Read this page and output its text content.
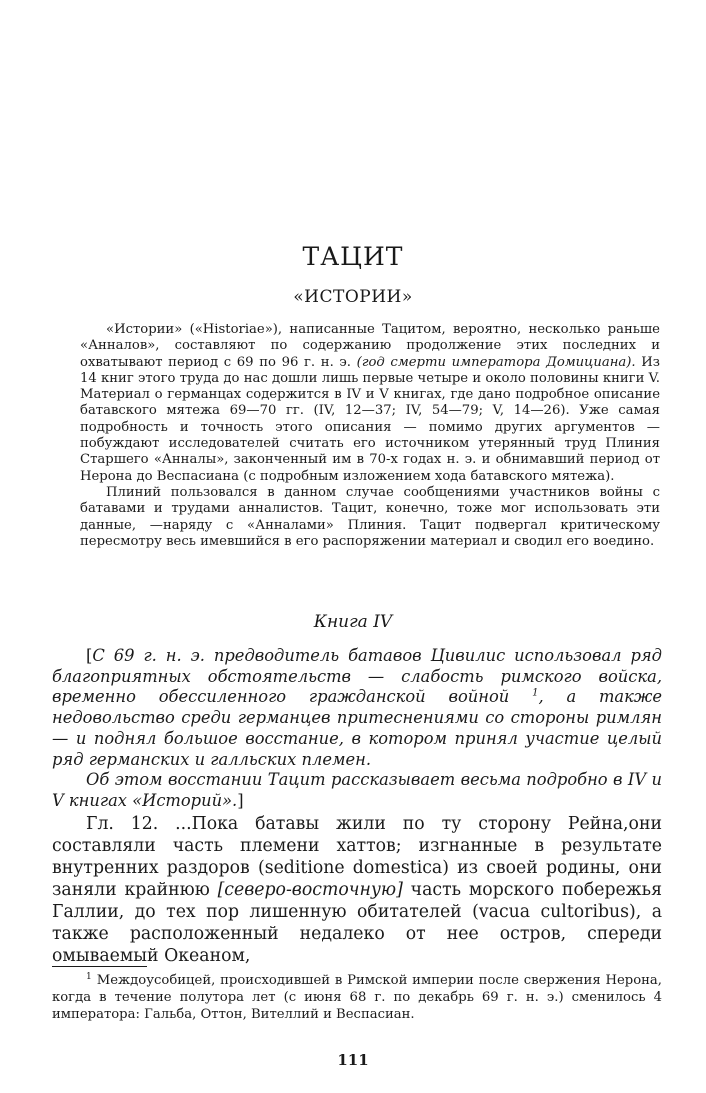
ТАЦИТ
«ИСТОРИИ»

«Истории» («Historiae»), написанные Тацитом, вероятно, несколько раньше «Анналов», составляют по содержанию продолжение этих последних и охватывают период с 69 по 96 г. н. э. (год смерти императора Домициана). Из 14 книг этого труда до нас дошли лишь первые четыре и около половины книги V. Материал о германцах содержится в IV и V книгах, где дано подробное описание батавского мятежа 69—70 гг. (IV, 12—37; IV, 54—79; V, 14—26). Уже самая подробность и точность этого описания — помимо других аргументов — побуждают исследователей считать его источником утерянный труд Плиния Старшего «Анналы», законченный им в 70-х годах н. э. и обнимавший период от Нерона до Веспасиана (с подробным изложением хода батавского мятежа).

Плиний пользовался в данном случае сообщениями участников войны с батавами и трудами анналистов. Тацит, конечно, тоже мог использовать эти данные, —наряду с «Анналами» Плиния. Тацит подвергал критическому пересмотру весь имевшийся в его распоряжении материал и сводил его воедино.

Книга IV

[С 69 г. н. э. предводитель батавов Цивилис использовал ряд благоприятных обстоятельств — слабость римского войска, временно обессиленного гражданской войной $^1$, а также недовольство среди германцев притеснениями со стороны римлян — и поднял большое восстание, в котором принял участие целый ряд германских и галльских племен.

Об этом восстании Тацит рассказывает весьма подробно в IV и V книгах «Историй».]

Гл. 12. ...Пока батавы жили по ту сторону Рейна,они составляли часть племени хаттов; изгнанные в результате внутренних раздоров (seditione domestica) из своей родины, они заняли крайнюю [северо-восточную] часть морского побережья Галлии, до тех пор лишенную обитателей (vacua cultoribus), а также расположенный недалеко от нее остров, спереди омываемый Океаном,

$^1$ Междоусобицей, происходившей в Римской империи после свержения Нерона, когда в течение полутора лет (с июня 68 г. по декабрь 69 г. н. э.) сменилось 4 императора: Гальба, Оттон, Вителлий и Веспасиан.

111
